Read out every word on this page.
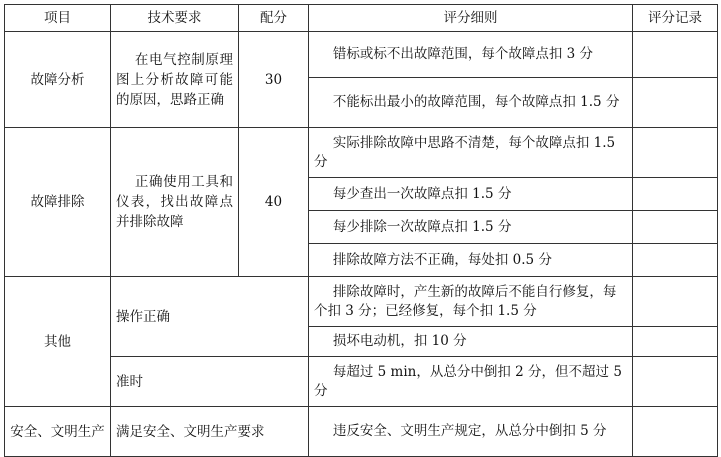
项目	技术要求	配分	评分细则	评分记录
故障分析	在电气控制原理图上分析故障可能的原因，思路正确	30	错标或标不出故障范围，每个故障点扣 3 分	
			不能标出最小的故障范围，每个故障点扣 1.5 分	
故障排除	正确使用工具和仪表，找出故障点并排除故障	40	实际排除故障中思路不清楚，每个故障点扣 1.5 分	
			每少查出一次故障点扣 1.5 分	
			每少排除一次故障点扣 1.5 分	
			排除故障方法不正确，每处扣 0.5 分	
其他	操作正确		排除故障时，产生新的故障后不能自行修复，每个扣 3 分；已经修复，每个扣 1.5 分	
			损坏电动机，扣 10 分	
	准时		每超过 5 min，从总分中倒扣 2 分，但不超过 5 分	
安全、文明生产	满足安全、文明生产要求		违反安全、文明生产规定，从总分中倒扣 5 分	
